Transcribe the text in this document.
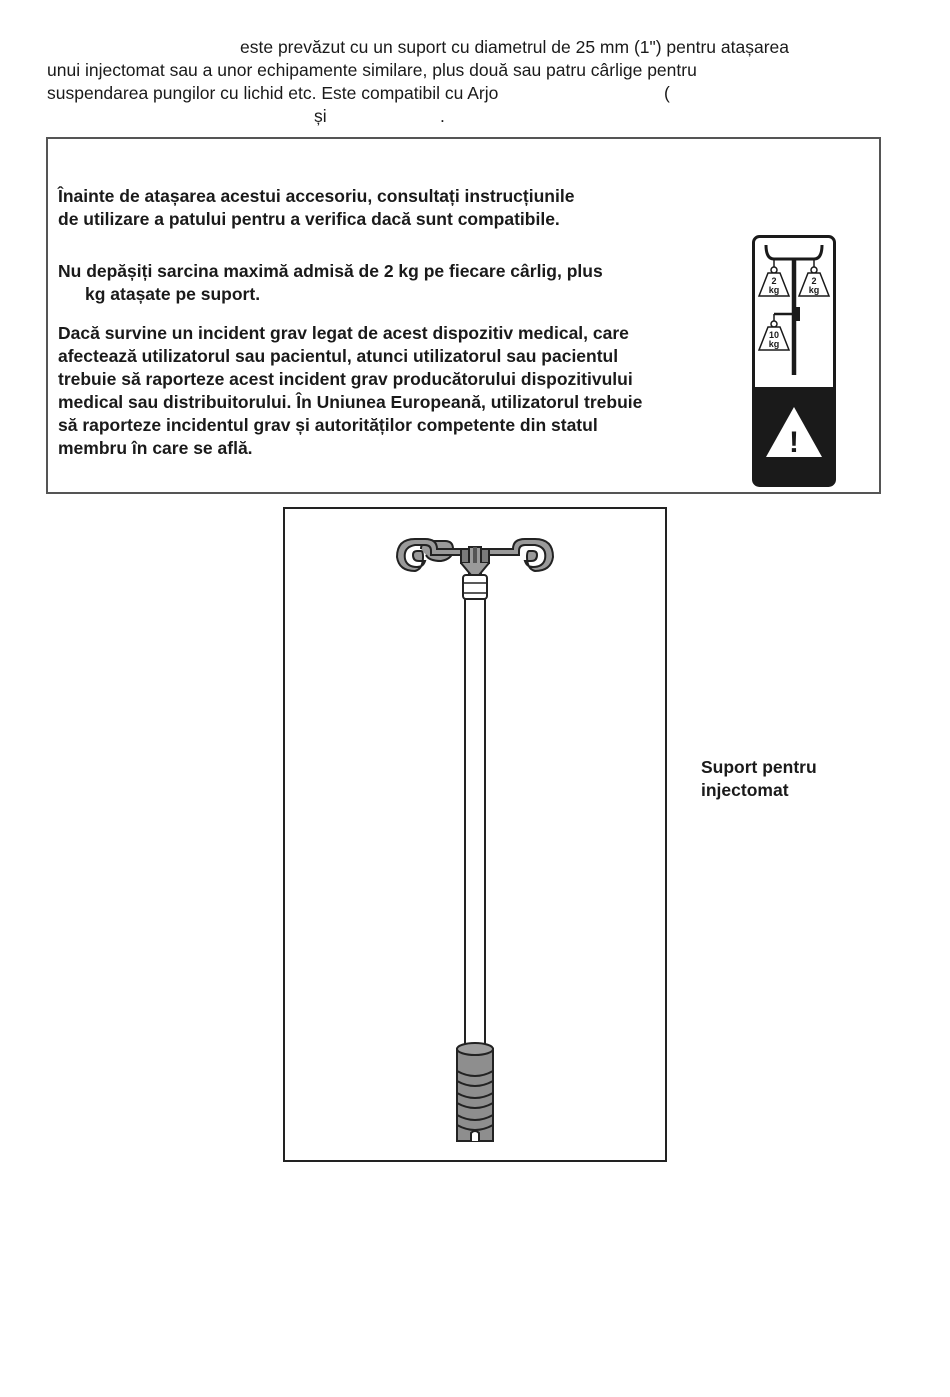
este prevăzut cu un suport cu diametrul de 25 mm (1") pentru atașarea
unui injectomat sau a unor echipamente similare, plus două sau patru cârlige pentru
suspendarea pungilor cu lichid etc. Este compatibil cu Arjo	(
și	.
Înainte de atașarea acestui accesoriu, consultați instrucțiunile
de utilizare a patului pentru a verifica dacă sunt compatibile.
Nu depășiți sarcina maximă admisă de 2 kg pe fiecare cârlig, plus
kg atașate pe suport.
Dacă survine un incident grav legat de acest dispozitiv medical, care
afectează utilizatorul sau pacientul, atunci utilizatorul sau pacientul
trebuie să raporteze acest incident grav producătorului dispozitivului
medical sau distribuitorului. În Uniunea Europeană, utilizatorul trebuie
să raporteze incidentul grav și autorităților competente din statul
membru în care se află.
2
kg
2
kg
10
kg
!
Suport pentru
injectomat
